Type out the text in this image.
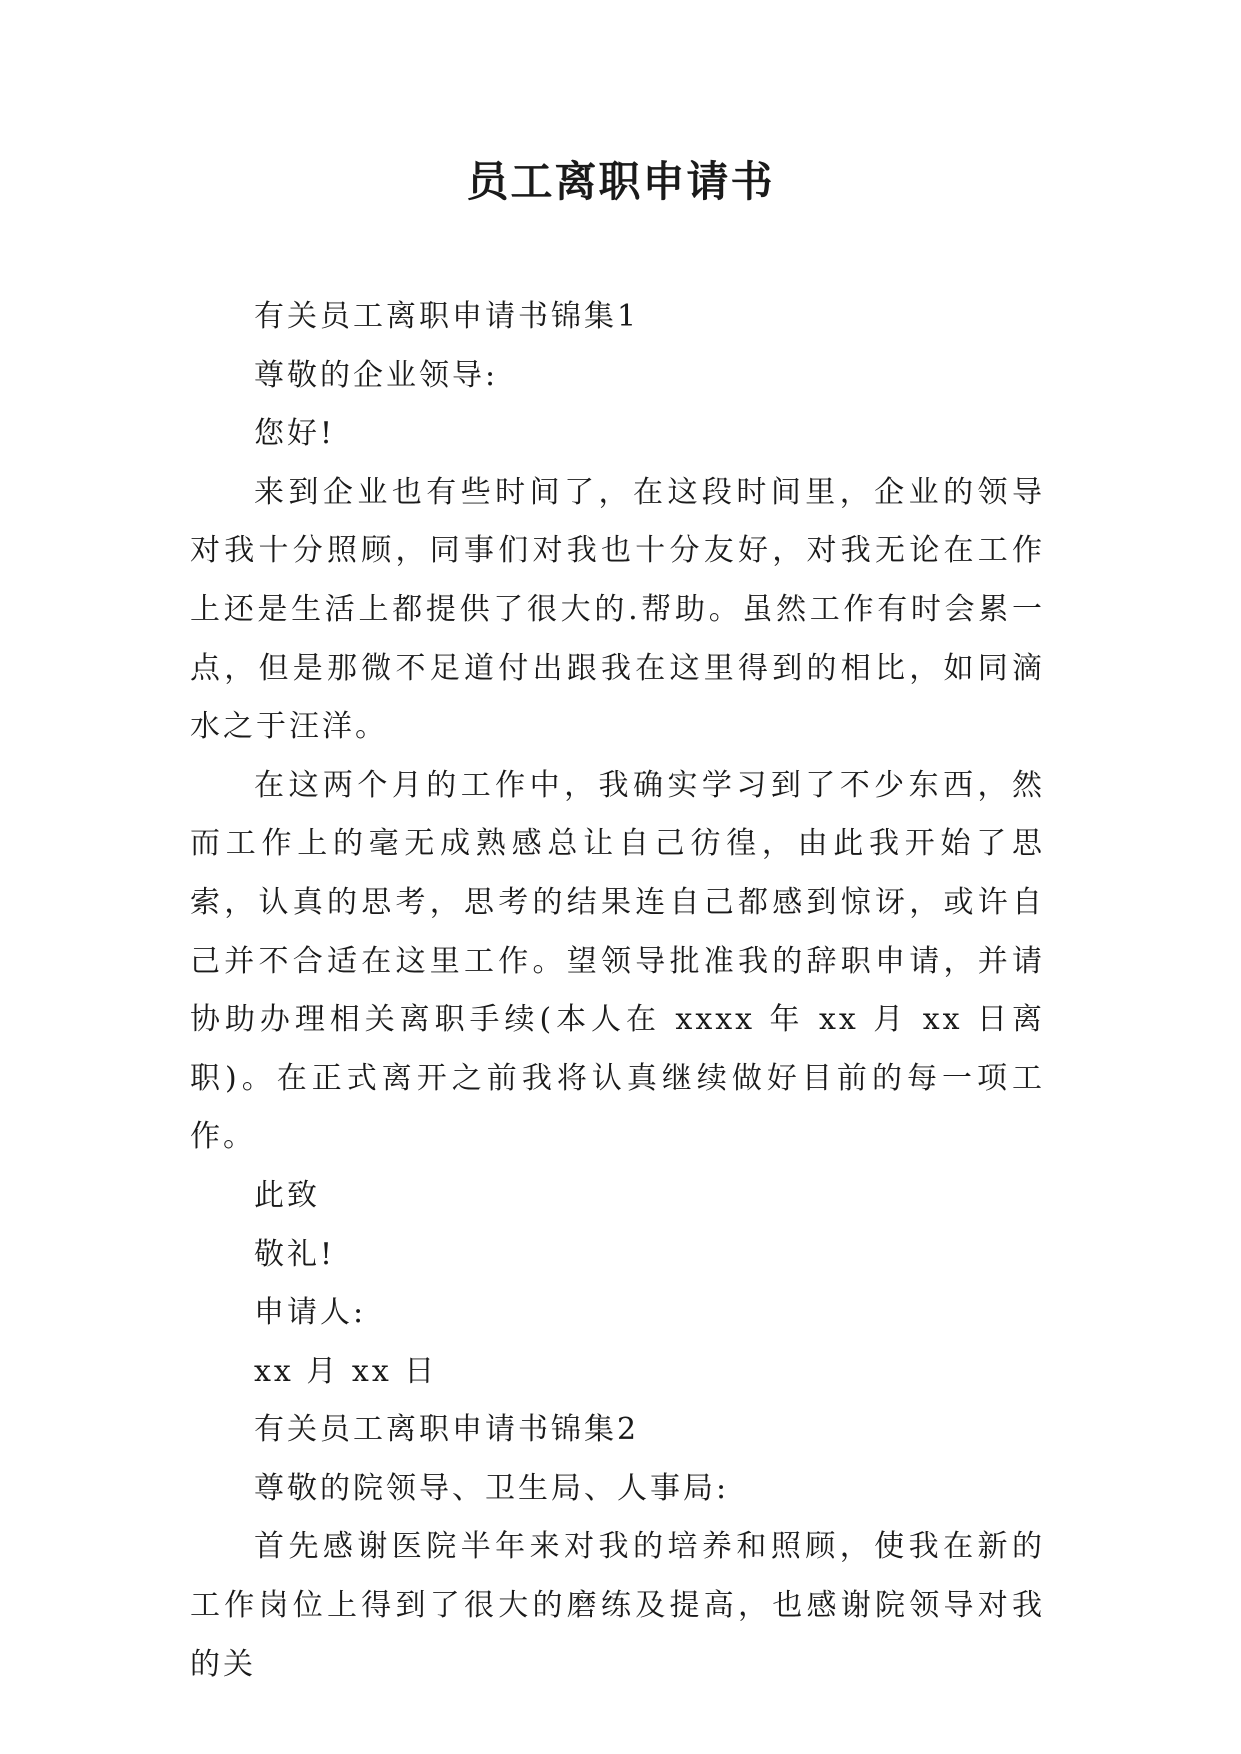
员工离职申请书

有关员工离职申请书锦集1

尊敬的企业领导:

您好!

来到企业也有些时间了，在这段时间里，企业的领导对我十分照顾，同事们对我也十分友好，对我无论在工作上还是生活上都提供了很大的.帮助。虽然工作有时会累一点，但是那微不足道付出跟我在这里得到的相比，如同滴水之于汪洋。

在这两个月的工作中，我确实学习到了不少东西，然而工作上的毫无成熟感总让自己彷徨，由此我开始了思索，认真的思考，思考的结果连自己都感到惊讶，或许自己并不合适在这里工作。望领导批准我的辞职申请，并请协助办理相关离职手续(本人在 xxxx 年 xx 月 xx 日离职)。在正式离开之前我将认真继续做好目前的每一项工作。

此致

敬礼!

申请人:

xx 月 xx 日

有关员工离职申请书锦集2

尊敬的院领导、卫生局、人事局:

首先感谢医院半年来对我的培养和照顾，使我在新的工作岗位上得到了很大的磨练及提高，也感谢院领导对我的关
